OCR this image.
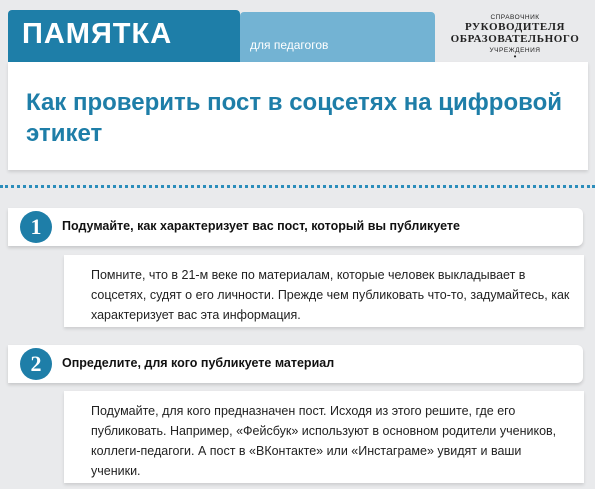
ПАМЯТКА	для педагогов
СПРАВОЧНИК
РУКОВОДИТЕЛЯ
ОБРАЗОВАТЕЛЬНОГО
УЧРЕЖДЕНИЯ
•
Как проверить пост в соцсетях на цифровой этикет
1	Подумайте, как характеризует вас пост, который вы публикуете
Помните, что в 21-м веке по материалам, которые человек выкладывает в соцсетях, судят о его личности. Прежде чем публиковать что-то, задумайтесь, как характеризует вас эта информация.
2	Определите, для кого публикуете материал
Подумайте, для кого предназначен пост. Исходя из этого решите, где его публиковать. Например, «Фейсбук» используют в основном родители учеников, коллеги-педагоги. А пост в «ВКонтакте» или «Инстаграме» увидят и ваши ученики.
